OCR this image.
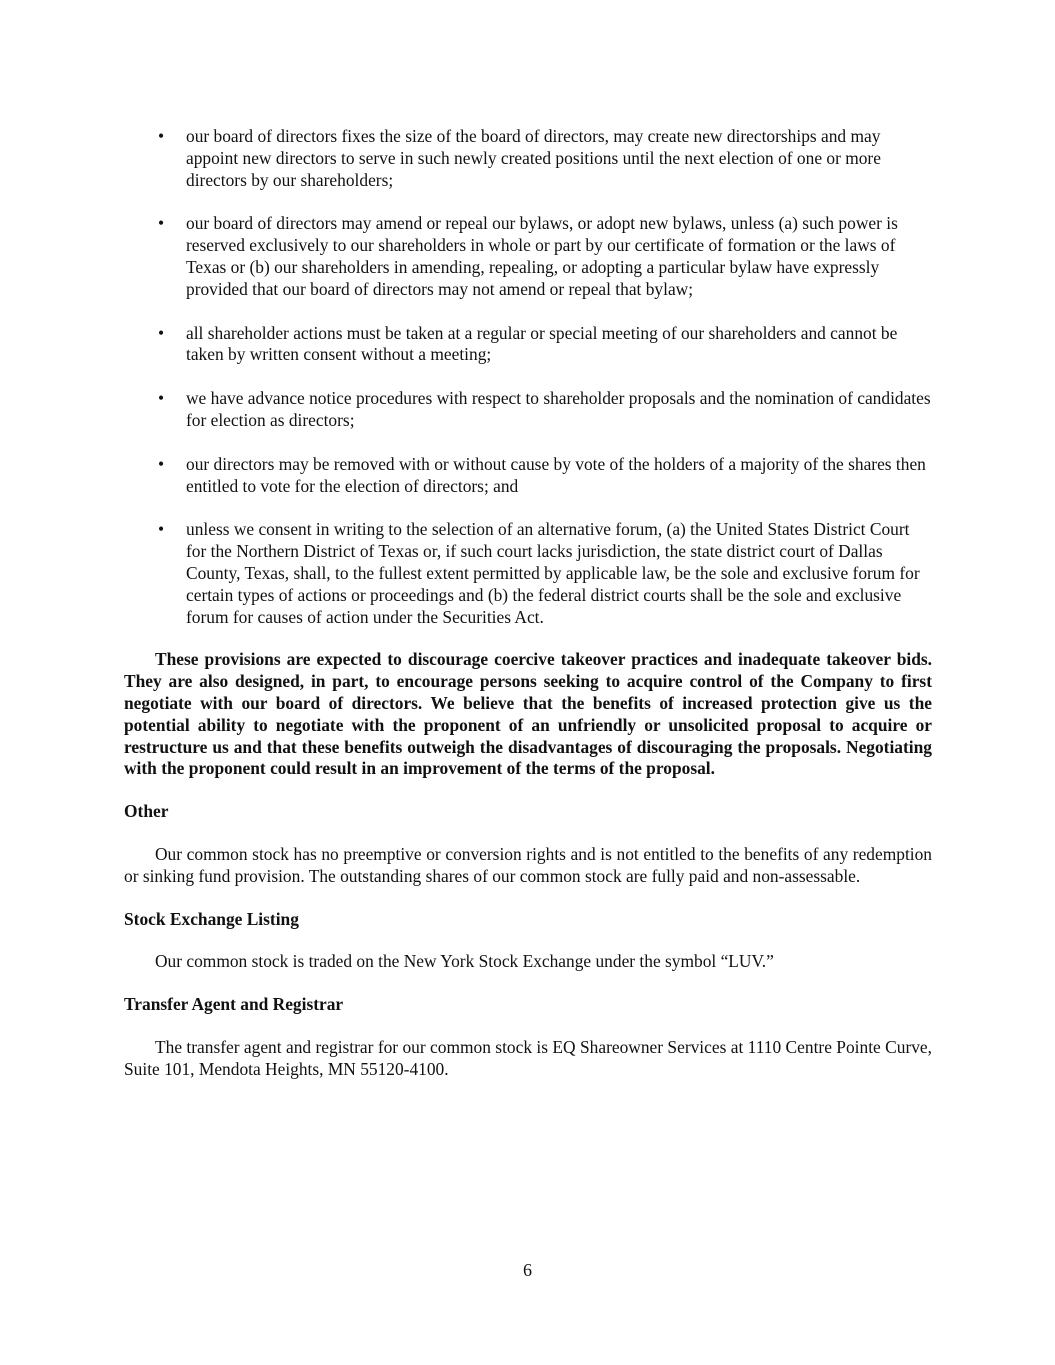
• our board of directors fixes the size of the board of directors, may create new directorships and may appoint new directors to serve in such newly created positions until the next election of one or more directors by our shareholders;
• our board of directors may amend or repeal our bylaws, or adopt new bylaws, unless (a) such power is reserved exclusively to our shareholders in whole or part by our certificate of formation or the laws of Texas or (b) our shareholders in amending, repealing, or adopting a particular bylaw have expressly provided that our board of directors may not amend or repeal that bylaw;
• all shareholder actions must be taken at a regular or special meeting of our shareholders and cannot be taken by written consent without a meeting;
• we have advance notice procedures with respect to shareholder proposals and the nomination of candidates for election as directors;
• our directors may be removed with or without cause by vote of the holders of a majority of the shares then entitled to vote for the election of directors; and
• unless we consent in writing to the selection of an alternative forum, (a) the United States District Court for the Northern District of Texas or, if such court lacks jurisdiction, the state district court of Dallas County, Texas, shall, to the fullest extent permitted by applicable law, be the sole and exclusive forum for certain types of actions or proceedings and (b) the federal district courts shall be the sole and exclusive forum for causes of action under the Securities Act.

These provisions are expected to discourage coercive takeover practices and inadequate takeover bids. They are also designed, in part, to encourage persons seeking to acquire control of the Company to first negotiate with our board of directors. We believe that the benefits of increased protection give us the potential ability to negotiate with the proponent of an unfriendly or unsolicited proposal to acquire or restructure us and that these benefits outweigh the disadvantages of discouraging the proposals. Negotiating with the proponent could result in an improvement of the terms of the proposal.

Other

Our common stock has no preemptive or conversion rights and is not entitled to the benefits of any redemption or sinking fund provision. The outstanding shares of our common stock are fully paid and non-assessable.

Stock Exchange Listing

Our common stock is traded on the New York Stock Exchange under the symbol “LUV.”

Transfer Agent and Registrar

The transfer agent and registrar for our common stock is EQ Shareowner Services at 1110 Centre Pointe Curve, Suite 101, Mendota Heights, MN 55120-4100.

6
